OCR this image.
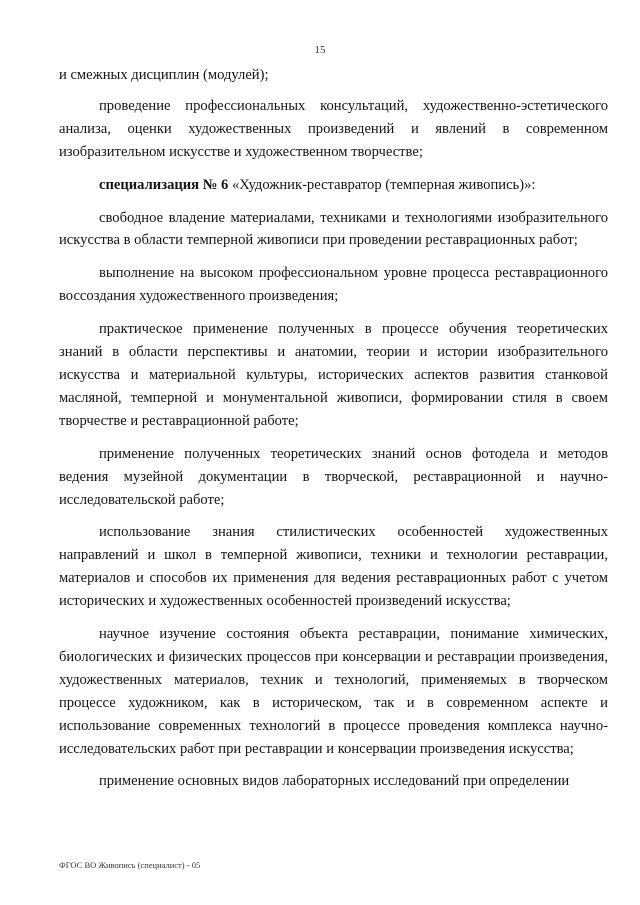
15

и смежных дисциплин (модулей);

проведение профессиональных консультаций, художественно-эстетического анализа, оценки художественных произведений и явлений в современном изобразительном искусстве и художественном творчестве;

специализация № 6 «Художник-реставратор (темперная живопись)»:

свободное владение материалами, техниками и технологиями изобразительного искусства в области темперной живописи при проведении реставрационных работ;

выполнение на высоком профессиональном уровне процесса реставрационного воссоздания художественного произведения;

практическое применение полученных в процессе обучения теоретических знаний в области перспективы и анатомии, теории и истории изобразительного искусства и материальной культуры, исторических аспектов развития станковой масляной, темперной и монументальной живописи, формировании стиля в своем творчестве и реставрационной работе;

применение полученных теоретических знаний основ фотодела и методов ведения музейной документации в творческой, реставрационной и научно-исследовательской работе;

использование знания стилистических особенностей художественных направлений и школ в темперной живописи, техники и технологии реставрации, материалов и способов их применения для ведения реставрационных работ с учетом исторических и художественных особенностей произведений искусства;

научное изучение состояния объекта реставрации, понимание химических, биологических и физических процессов при консервации и реставрации произведения, художественных материалов, техник и технологий, применяемых в творческом процессе художником, как в историческом, так и в современном аспекте и использование современных технологий в процессе проведения комплекса научно-исследовательских работ при реставрации и консервации произведения искусства;

применение основных видов лабораторных исследований при определении

ФГОС ВО Живопись (специалист) - 05
